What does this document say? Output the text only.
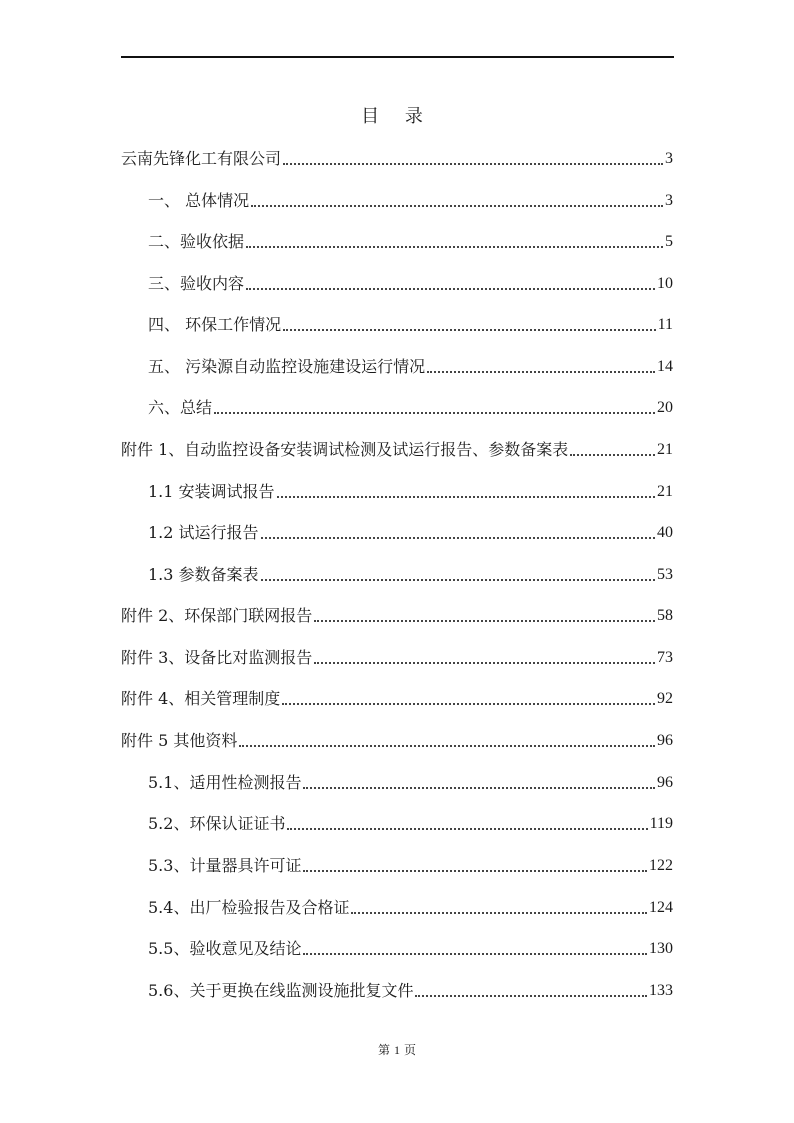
目 录
云南先锋化工有限公司	3
一、 总体情况	3
二、验收依据	5
三、验收内容	10
四、 环保工作情况	11
五、 污染源自动监控设施建设运行情况	14
六、总结	20
附件 1、自动监控设备安装调试检测及试运行报告、参数备案表	21
1.1 安装调试报告	21
1.2 试运行报告	40
1.3 参数备案表	53
附件 2、环保部门联网报告	58
附件 3、设备比对监测报告	73
附件 4、相关管理制度	92
附件 5 其他资料	96
5.1、适用性检测报告	96
5.2、环保认证证书	119
5.3、计量器具许可证	122
5.4、出厂检验报告及合格证	124
5.5、验收意见及结论	130
5.6、关于更换在线监测设施批复文件	133
第 1 页
